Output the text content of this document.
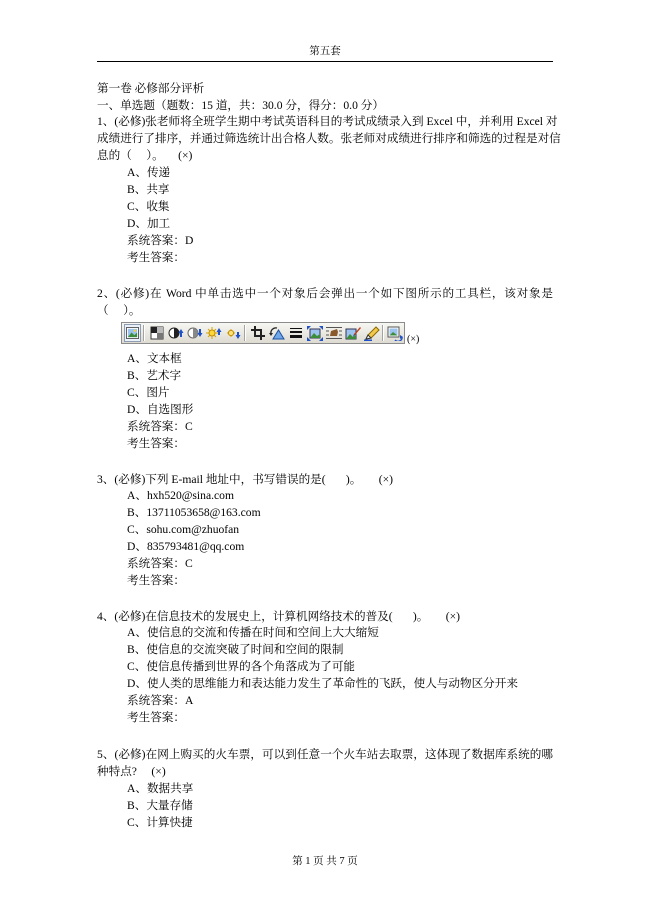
第五套
第一卷 必修部分评析
一、单选题（题数：15 道，共：30.0 分，得分：0.0 分）
1、(必修)张老师将全班学生期中考试英语科目的考试成绩录入到 Excel 中，并利用 Excel 对
成绩进行了排序，并通过筛选统计出合格人数。张老师对成绩进行排序和筛选的过程是对信
息的（     ）。     (×)
A、传递
B、共享
C、收集
D、加工
系统答案：D
考生答案：
2、(必修)在 Word 中单击选中一个对象后会弹出一个如下图所示的工具栏，该对象是
（     ）。
(×)
A、文本框
B、艺术字
C、图片
D、自选图形
系统答案：C
考生答案：
3、(必修)下列 E-mail 地址中，书写错误的是(       )。      (×)
A、hxh520@sina.com
B、13711053658@163.com
C、sohu.com@zhuofan
D、835793481@qq.com
系统答案：C
考生答案：
4、(必修)在信息技术的发展史上，计算机网络技术的普及(       )。      (×)
A、使信息的交流和传播在时间和空间上大大缩短
B、使信息的交流突破了时间和空间的限制
C、使信息传播到世界的各个角落成为了可能
D、使人类的思维能力和表达能力发生了革命性的飞跃，使人与动物区分开来
系统答案：A
考生答案：
5、(必修)在网上购买的火车票，可以到任意一个火车站去取票，这体现了数据库系统的哪
种特点?     (×)
A、数据共享
B、大量存储
C、计算快捷
第 1 页 共 7 页
